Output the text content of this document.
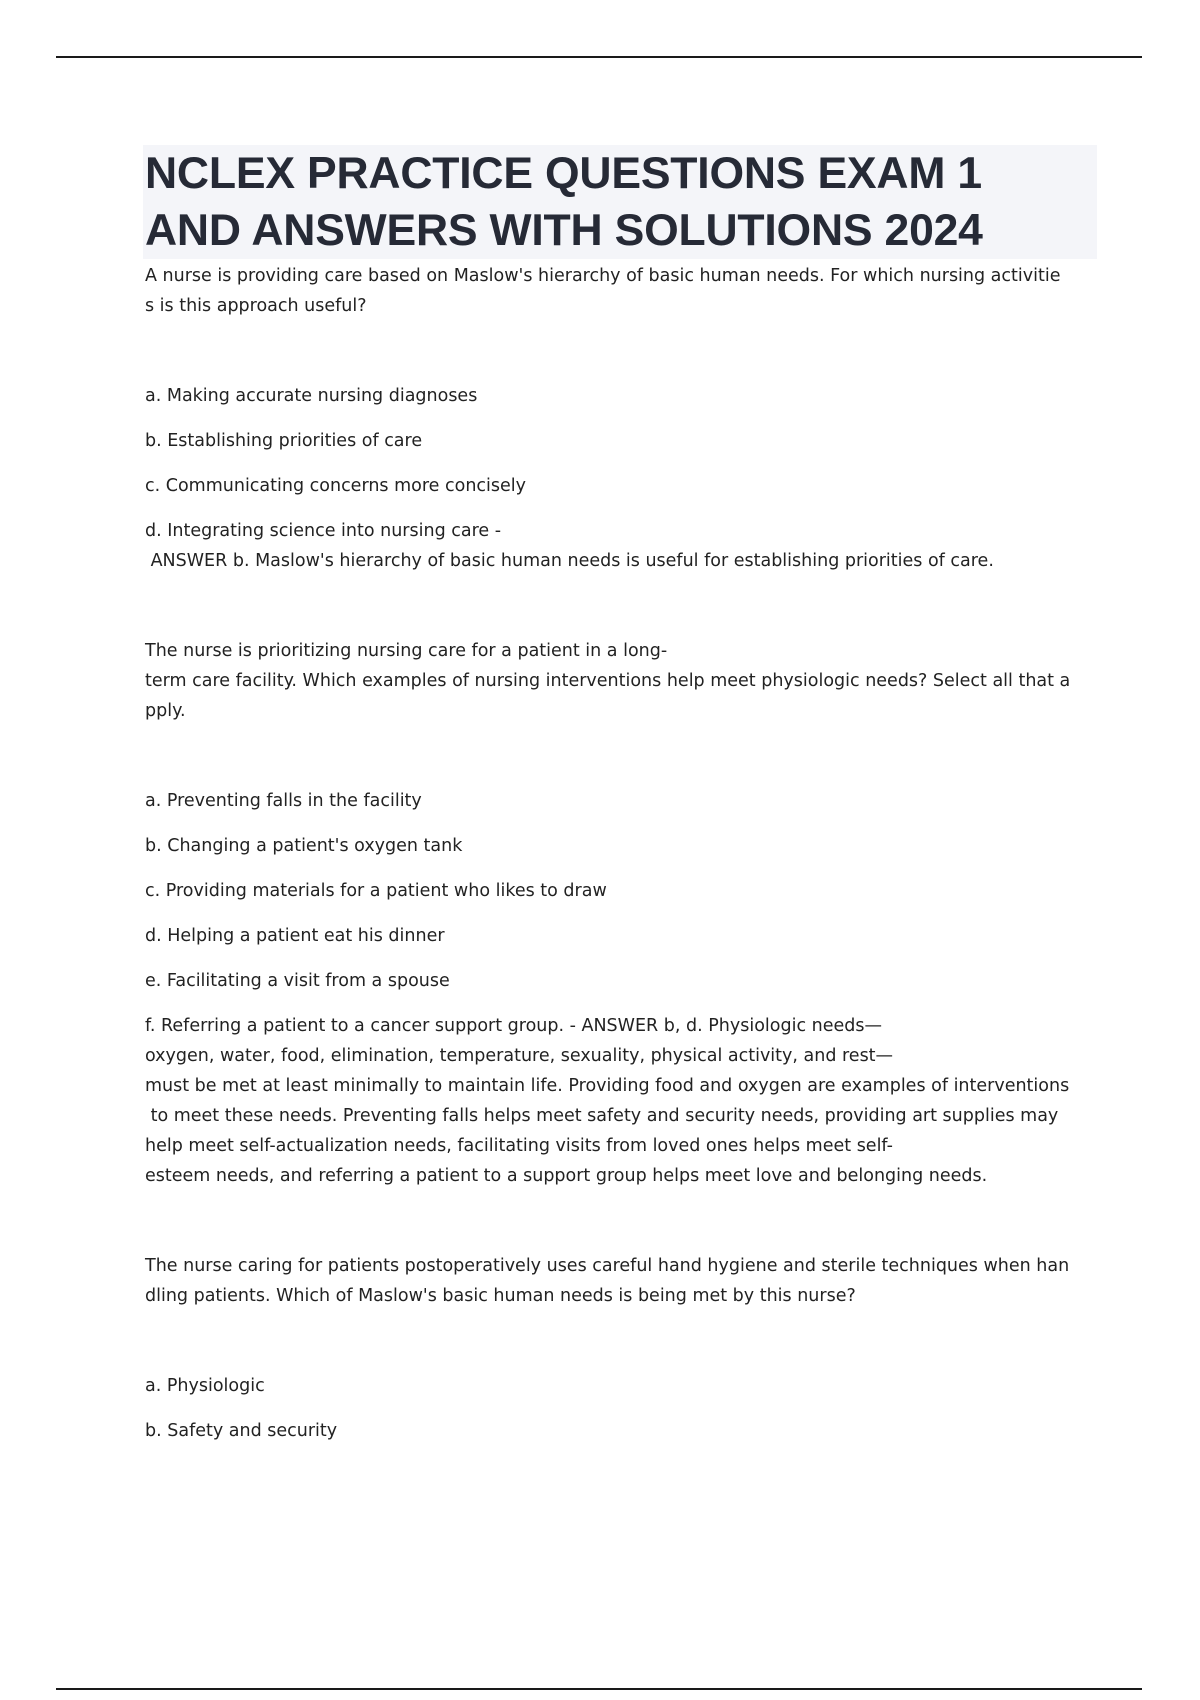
NCLEX PRACTICE QUESTIONS EXAM 1
AND ANSWERS WITH SOLUTIONS 2024

A nurse is providing care based on Maslow's hierarchy of basic human needs. For which nursing activitie
s is this approach useful?

a. Making accurate nursing diagnoses

b. Establishing priorities of care

c. Communicating concerns more concisely

d. Integrating science into nursing care -

ANSWER b. Maslow's hierarchy of basic human needs is useful for establishing priorities of care.

The nurse is prioritizing nursing care for a patient in a long-
term care facility. Which examples of nursing interventions help meet physiologic needs? Select all that a
pply.

a. Preventing falls in the facility

b. Changing a patient's oxygen tank

c. Providing materials for a patient who likes to draw

d. Helping a patient eat his dinner

e. Facilitating a visit from a spouse

f. Referring a patient to a cancer support group. - ANSWER b, d. Physiologic needs—
oxygen, water, food, elimination, temperature, sexuality, physical activity, and rest—
must be met at least minimally to maintain life. Providing food and oxygen are examples of interventions
to meet these needs. Preventing falls helps meet safety and security needs, providing art supplies may
help meet self-actualization needs, facilitating visits from loved ones helps meet self-
esteem needs, and referring a patient to a support group helps meet love and belonging needs.

The nurse caring for patients postoperatively uses careful hand hygiene and sterile techniques when han
dling patients. Which of Maslow's basic human needs is being met by this nurse?

a. Physiologic

b. Safety and security
